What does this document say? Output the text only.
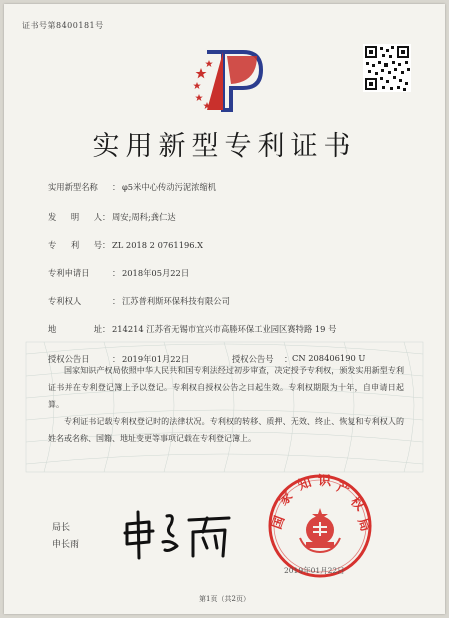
证书号第8400181号
实用新型专利证书
实用新型名称	： φ5米中心传动污泥浓缩机
发 明 人 ： 周安;周科;龚仁达
专 利 号 ： ZL 2018 2 0761196.X
专利申请日	： 2018年05月22日
专利权人	： 江苏普利斯环保科技有限公司
地	址 ： 214214 江苏省无锡市宜兴市高塍环保工业园区赛特路 19 号
授权公告日	： 2019年01月22日	授权公告号	： CN 208406190 U

国家知识产权局依照中华人民共和国专利法经过初步审查，决定授予专利权，颁发实用新型专利证书并在专利登记簿上予以登记。专利权自授权公告之日起生效。专利权期限为十年，自申请日起算。

专利证书记载专利权登记时的法律状况。专利权的转移、质押、无效、终止、恢复和专利权人的姓名或名称、国籍、地址变更等事项记载在专利登记簿上。

局长
申长雨
国
家
知 识 产
权
局
2019年01月22日
第1页（共2页）
